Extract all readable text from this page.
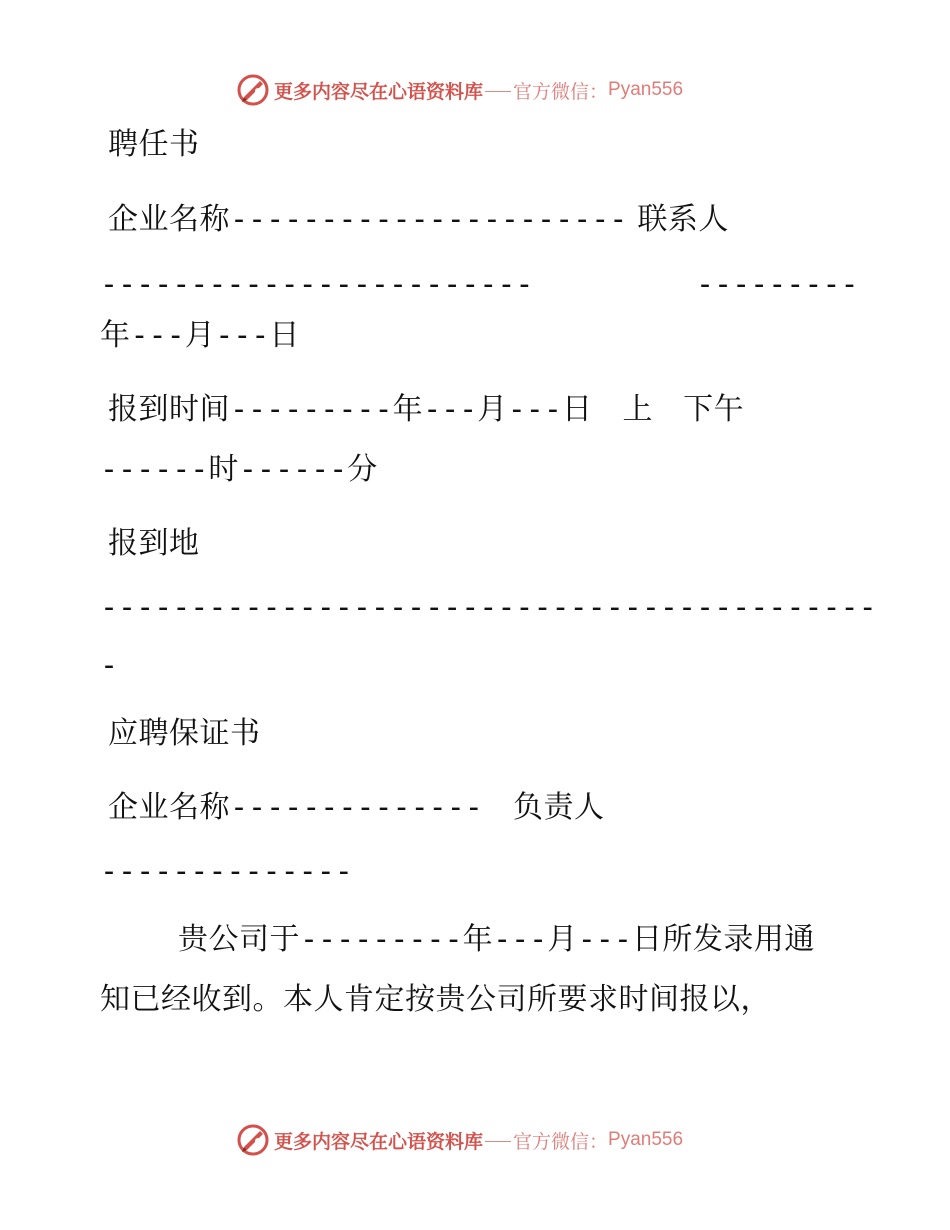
更多内容尽在心语资料库 官方微信： Pyan556
聘任书
企业名称---------------------- 联系人
------------------------	---------
年---月---日
报到时间---------年---月---日   上   下午
------时------分
报到地
-------------------------------------------
-
应聘保证书
企业名称--------------   负责人
--------------
贵公司于---------年---月---日所发录用通
知已经收到。本人肯定按贵公司所要求时间报以，
更多内容尽在心语资料库 官方微信： Pyan556
